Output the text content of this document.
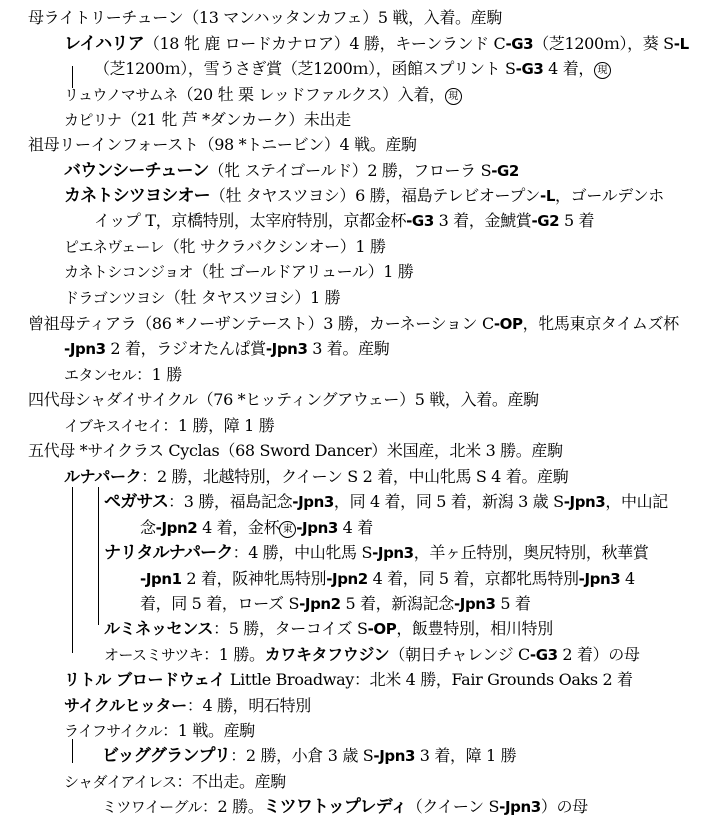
母ライトリーチューン（13 マンハッタンカフェ）5 戦，入着。産駒
レイハリア（18 牝 鹿 ロードカナロア）4 勝，キーンランド C-G3（芝1200ｍ），葵 S-L
（芝1200ｍ），雪うさぎ賞（芝1200ｍ），函館スプリント S-G3 4 着， 現
リュウノマサムネ（20 牡 栗 レッドファルクス）入着， 現
カピリナ（21 牝 芦 *ダンカーク）未出走
祖母リーインフォースト（98 *トニービン）4 戦。産駒
バウンシーチューン（牝 ステイゴールド）2 勝，フローラ S-G2
カネトシツヨシオー（牡 タヤスツヨシ）6 勝，福島テレビオープン-L，ゴールデンホ
イップ T，京橋特別，太宰府特別，京都金杯-G3 3 着，金鯱賞-G2 5 着
ピエネヴェーレ（牝 サクラバクシンオー）1 勝
カネトシコンジョオ（牡 ゴールドアリュール）1 勝
ドラゴンツヨシ（牡 タヤスツヨシ）1 勝
曾祖母ティアラ（86 *ノーザンテースト）3 勝，カーネーション C-OP，牝馬東京タイムズ杯
-Jpn3 2 着，ラジオたんぱ賞-Jpn3 3 着。産駒
エタンセル：1 勝
四代母シャダイサイクル（76 *ヒッティングアウェー）5 戦，入着。産駒
イブキスイセイ：1 勝，障 1 勝
五代母 *サイクラス Cyclas（68 Sword Dancer）米国産，北米 3 勝。産駒
ルナパーク：2 勝，北越特別，クイーン S 2 着，中山牝馬 S 4 着。産駒
ペガサス：3 勝，福島記念-Jpn3，同 4 着，同 5 着，新潟 3 歳 S-Jpn3，中山記
念-Jpn2 4 着，金杯 東 -Jpn3 4 着
ナリタルナパーク：4 勝，中山牝馬 S-Jpn3，羊ヶ丘特別，奥尻特別，秋華賞
-Jpn1 2 着，阪神牝馬特別-Jpn2 4 着，同 5 着，京都牝馬特別-Jpn3 4
着，同 5 着，ローズ S-Jpn2 5 着，新潟記念-Jpn3 5 着
ルミネッセンス：5 勝，ターコイズ S-OP，飯豊特別，相川特別
オースミサツキ：1 勝。カワキタフウジン（朝日チャレンジ C-G3 2 着）の母
リトル ブロードウェイ Little Broadway：北米 4 勝，Fair Grounds Oaks 2 着
サイクルヒッター：4 勝，明石特別
ライフサイクル：1 戦。産駒
ビッググランプリ：2 勝，小倉 3 歳 S-Jpn3 3 着，障 1 勝
シャダイアイレス：不出走。産駒
ミツワイーグル：2 勝。ミツワトップレディ（クイーン S-Jpn3）の母
